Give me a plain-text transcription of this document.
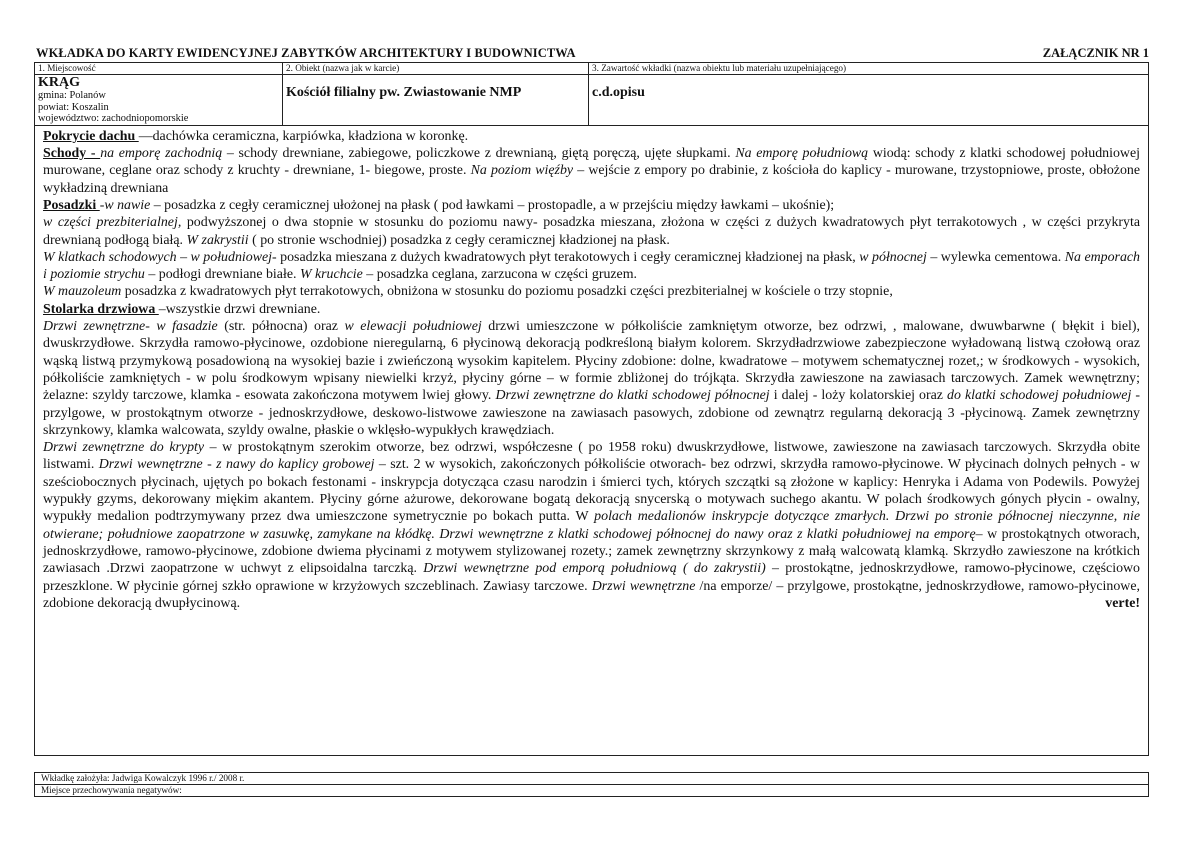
WKŁADKA DO KARTY EWIDENCYJNEJ ZABYTKÓW ARCHITEKTURY I BUDOWNICTWA	ZAŁĄCZNIK NR 1
1. Miejscowość	2. Obiekt (nazwa jak w karcie)	3. Zawartość wkładki (nazwa obiektu lub materiału uzupełniającego)

KRĄG
gmina: Polanów
powiat: Koszalin
województwo: zachodniopomorskie	Kościół filialny pw. Zwiastowanie NMP	c.d.opisu

Pokrycie dachu —dachówka ceramiczna, karpiówka, kładziona w koronkę.

Schody - na emporę zachodnią – schody drewniane, zabiegowe, policzkowe z drewnianą, giętą poręczą, ujęte słupkami. Na emporę południową wiodą: schody z klatki schodowej południowej murowane, ceglane oraz schody z kruchty - drewniane, 1- biegowe, proste. Na poziom więźby – wejście z empory po drabinie, z kościoła do kaplicy - murowane, trzystopniowe, proste, obłożone wykładziną drewniana

Posadzki -w nawie – posadzka z cegły ceramicznej ułożonej na płask ( pod ławkami – prostopadle, a w przejściu między ławkami – ukośnie);

w części prezbiterialnej, podwyższonej o dwa stopnie w stosunku do poziomu nawy- posadzka mieszana, złożona w części z dużych kwadratowych płyt terrakotowych , w części przykryta drewnianą podłogą białą. W zakrystii ( po stronie wschodniej) posadzka z cegły ceramicznej kładzionej na płask.

W klatkach schodowych – w południowej- posadzka mieszana z dużych kwadratowych płyt terakotowych i cegły ceramicznej kładzionej na płask, w północnej – wylewka cementowa. Na emporach i poziomie strychu – podłogi drewniane białe. W kruchcie – posadzka ceglana, zarzucona w części gruzem.

W mauzoleum posadzka z kwadratowych płyt terrakotowych, obniżona w stosunku do poziomu posadzki części prezbiterialnej w kościele o trzy stopnie,

Stolarka drzwiowa –wszystkie drzwi drewniane.

Drzwi zewnętrzne- w fasadzie (str. północna) oraz w elewacji południowej drzwi umieszczone w półkoliście zamkniętym otworze, bez odrzwi, , malowane, dwuwbarwne ( błękit i biel), dwuskrzydłowe. Skrzydła ramowo-płycinowe, ozdobione nieregularną, 6 płycinową dekoracją podkreśloną białym kolorem. Skrzydładrzwiowe zabezpieczone wyładowaną listwą czołową oraz wąską listwą przymykową posadowioną na wysokiej bazie i zwieńczoną wysokim kapitelem. Płyciny zdobione: dolne, kwadratowe – motywem schematycznej rozet,; w środkowych - wysokich, półkoliście zamkniętych - w polu środkowym wpisany niewielki krzyż, płyciny górne – w formie zbliżonej do trójkąta. Skrzydła zawieszone na zawiasach tarczowych. Zamek wewnętrzny; żelazne: szyldy tarczowe, klamka - esowata zakończona motywem lwiej głowy. Drzwi zewnętrzne do klatki schodowej północnej i dalej - loży kolatorskiej oraz do klatki schodowej południowej - przylgowe, w prostokątnym otworze - jednoskrzydłowe, deskowo-listwowe zawieszone na zawiasach pasowych, zdobione od zewnątrz regularną dekoracją 3 -płycinową. Zamek zewnętrzny skrzynkowy, klamka walcowata, szyldy owalne, płaskie o wklęsło-wypukłych krawędziach.

Drzwi zewnętrzne do krypty – w prostokątnym szerokim otworze, bez odrzwi, współczesne ( po 1958 roku) dwuskrzydłowe, listwowe, zawieszone na zawiasach tarczowych. Skrzydła obite listwami. Drzwi wewnętrzne - z nawy do kaplicy grobowej – szt. 2 w wysokich, zakończonych półkoliście otworach- bez odrzwi, skrzydła ramowo-płycinowe. W płycinach dolnych pełnych - w sześciobocznych płycinach, ujętych po bokach festonami - inskrypcja dotycząca czasu narodzin i śmierci tych, których szczątki są złożone w kaplicy: Henryka i Adama von Podewils. Powyżej wypukły gzyms, dekorowany miękim akantem. Płyciny górne ażurowe, dekorowane bogatą dekoracją snycerską o motywach suchego akantu. W polach środkowych gónych płycin - owalny, wypukły medalion podtrzymywany przez dwa umieszczone symetrycznie po bokach putta. W polach medalionów inskrypcje dotyczące zmarłych. Drzwi po stronie północnej nieczynne, nie otwierane; południowe zaopatrzone w zasuwkę, zamykane na kłódkę. Drzwi wewnętrzne z klatki schodowej północnej do nawy oraz z klatki południowej na emporę– w prostokątnych otworach, jednoskrzydłowe, ramowo-płycinowe, zdobione dwiema płycinami z motywem stylizowanej rozety.; zamek zewnętrzny skrzynkowy z małą walcowatą klamką. Skrzydło zawieszone na krótkich zawiasach .Drzwi zaopatrzone w uchwyt z elipsoidalna tarczką. Drzwi wewnętrzne pod emporą południową ( do zakrystii) – prostokątne, jednoskrzydłowe, ramowo-płycinowe, częściowo przeszklone. W płycinie górnej szkło oprawione w krzyżowych szczeblinach. Zawiasy tarczowe. Drzwi wewnętrzne /na emporze/ – przylgowe, prostokątne, jednoskrzydłowe, ramowo-płycinowe, zdobione dekoracją dwupłycinową.	verte!

Wkładkę założyła: Jadwiga Kowalczyk 1996 r./ 2008 r.
Miejsce przechowywania negatywów:
